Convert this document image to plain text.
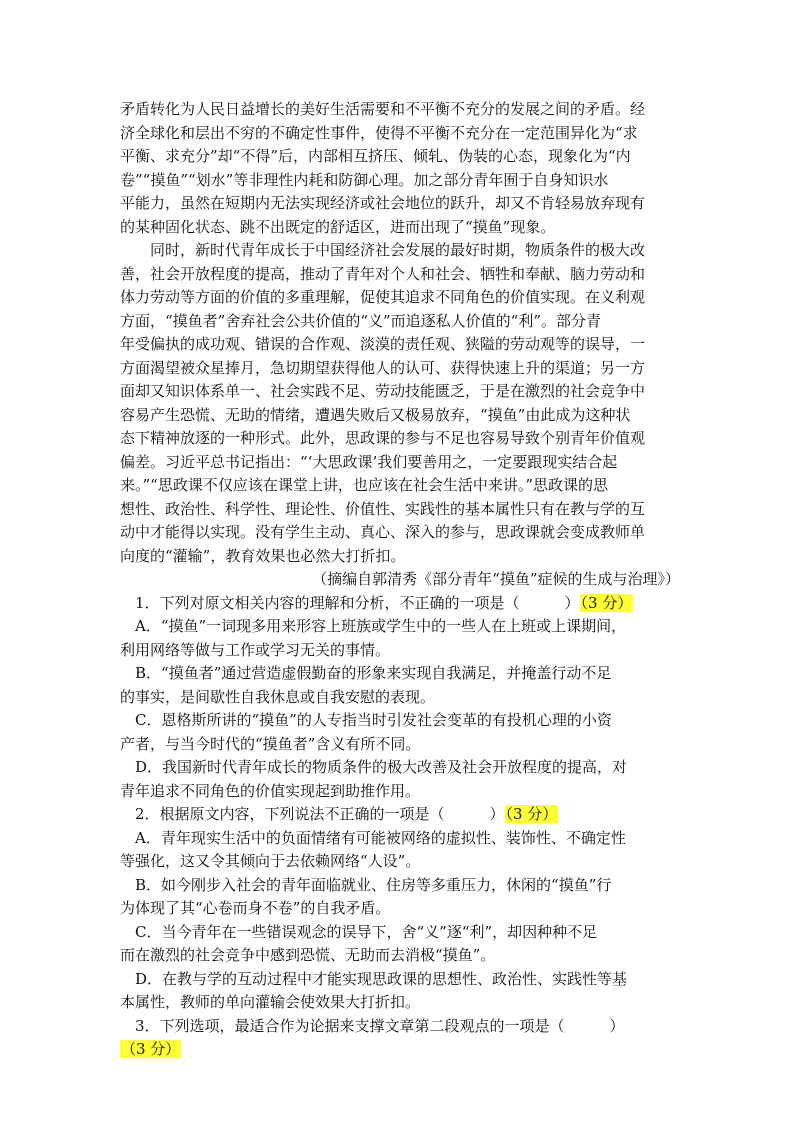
矛盾转化为人民日益增长的美好生活需要和不平衡不充分的发展之间的矛盾。经
济全球化和层出不穷的不确定性事件，使得不平衡不充分在一定范围异化为“求
平衡、求充分”却“不得”后，内部相互挤压、倾轧、伪装的心态，现象化为“内
卷”“摸鱼”“划水”等非理性内耗和防御心理。加之部分青年囿于自身知识水
平能力，虽然在短期内无法实现经济或社会地位的跃升，却又不肯轻易放弃现有
的某种固化状态、跳不出既定的舒适区，进而出现了“摸鱼”现象。
　　同时，新时代青年成长于中国经济社会发展的最好时期，物质条件的极大改
善，社会开放程度的提高，推动了青年对个人和社会、牺牲和奉献、脑力劳动和
体力劳动等方面的价值的多重理解，促使其追求不同角色的价值实现。在义利观
方面，“摸鱼者”舍弃社会公共价值的“义”而追逐私人价值的“利”。部分青
年受偏执的成功观、错误的合作观、淡漠的责任观、狭隘的劳动观等的误导，一
方面渴望被众星捧月，急切期望获得他人的认可、获得快速上升的渠道；另一方
面却又知识体系单一、社会实践不足、劳动技能匮乏，于是在激烈的社会竞争中
容易产生恐慌、无助的情绪，遭遇失败后又极易放弃，“摸鱼”由此成为这种状
态下精神放逐的一种形式。此外，思政课的参与不足也容易导致个别青年价值观
偏差。习近平总书记指出：“‘大思政课’我们要善用之，一定要跟现实结合起
来。”“思政课不仅应该在课堂上讲，也应该在社会生活中来讲。”思政课的思
想性、政治性、科学性、理论性、价值性、实践性的基本属性只有在教与学的互
动中才能得以实现。没有学生主动、真心、深入的参与，思政课就会变成教师单
向度的“灌输”，教育效果也必然大打折扣。
（摘编自郭清秀《部分青年“摸鱼”症候的生成与治理》）
　1．下列对原文相关内容的理解和分析，不正确的一项是（　　　）（3 分）
　A．“摸鱼”一词现多用来形容上班族或学生中的一些人在上班或上课期间，
利用网络等做与工作或学习无关的事情。
　B．“摸鱼者”通过营造虚假勤奋的形象来实现自我满足，并掩盖行动不足
的事实，是间歇性自我休息或自我安慰的表现。
　C．恩格斯所讲的“摸鱼”的人专指当时引发社会变革的有投机心理的小资
产者，与当今时代的“摸鱼者”含义有所不同。
　D．我国新时代青年成长的物质条件的极大改善及社会开放程度的提高，对
青年追求不同角色的价值实现起到助推作用。
　2．根据原文内容，下列说法不正确的一项是（　　　）（3 分）
　A．青年现实生活中的负面情绪有可能被网络的虚拟性、装饰性、不确定性
等强化，这又令其倾向于去依赖网络“人设”。
　B．如今刚步入社会的青年面临就业、住房等多重压力，休闲的“摸鱼”行
为体现了其“心卷而身不卷”的自我矛盾。
　C．当今青年在一些错误观念的误导下，舍“义”逐“利”，却因种种不足
而在激烈的社会竞争中感到恐慌、无助而去消极“摸鱼”。
　D．在教与学的互动过程中才能实现思政课的思想性、政治性、实践性等基
本属性，教师的单向灌输会使效果大打折扣。
　3．下列选项，最适合作为论据来支撑文章第二段观点的一项是（　　　）
（3 分）
